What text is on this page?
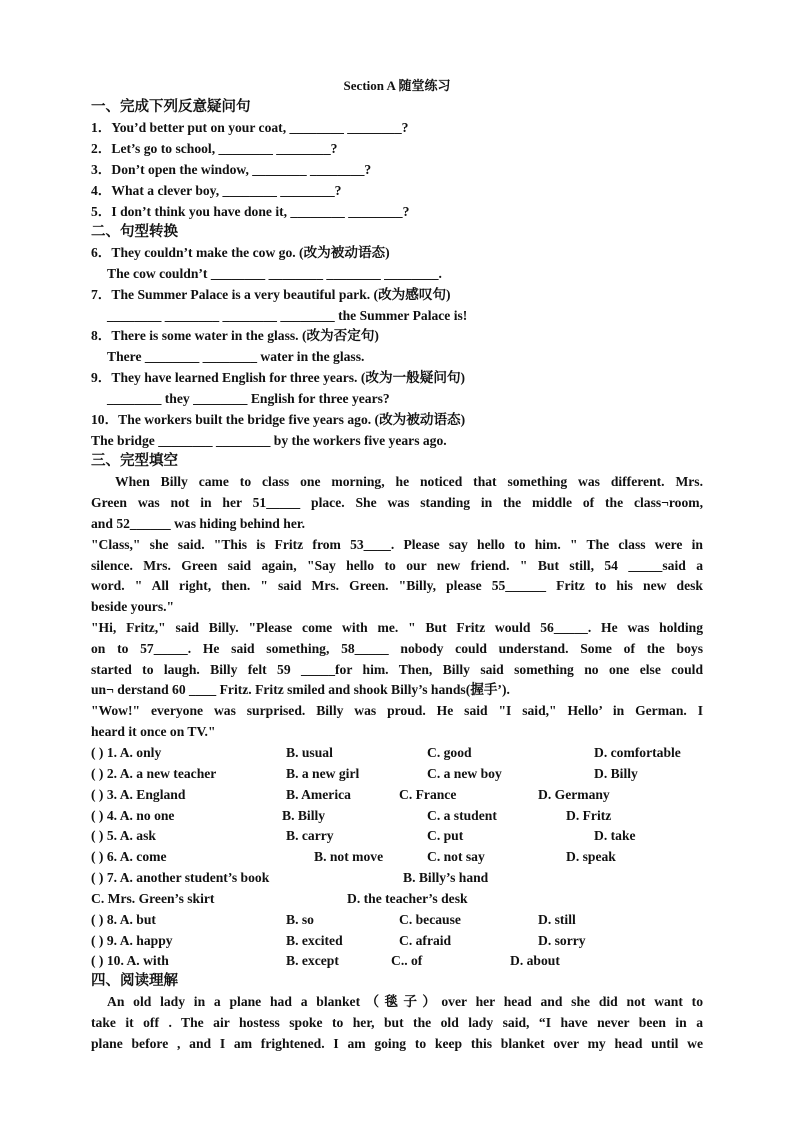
Section A 随堂练习
一、完成下列反意疑问句
1．You’d better put on your coat, ________ ________?
2．Let’s go to school, ________ ________?
3．Don’t open the window, ________ ________?
4．What a clever boy, ________ ________?
5．I don’t think you have done it, ________ ________?
二、句型转换
6．They couldn’t make the cow go. (改为被动语态)
The cow couldn’t ________ ________ ________ ________.
7．The Summer Palace is a very beautiful park. (改为感叹句)
________ ________ ________ ________ the Summer Palace is!
8．There is some water in the glass. (改为否定句)
There ________ ________ water in the glass.
9．They have learned English for three years. (改为一般疑问句)
________ they ________ English for three years?
10．The workers built the bridge five years ago. (改为被动语态)
The bridge ________ ________ by the workers five years ago.
三、完型填空
When Billy came to class one morning, he noticed that something was different. Mrs.
Green was not in her 51_____ place. She was standing in the middle of the class¬room,
and 52______ was hiding behind her.
"Class," she said. "This is Fritz from 53____. Please say hello to him. " The class were in
silence. Mrs. Green said again, "Say hello to our new friend. " But still, 54 _____said a
word. " All right, then. " said Mrs. Green. "Billy, please 55______ Fritz to his new desk
beside yours."
"Hi, Fritz," said Billy. "Please come with me. " But Fritz would 56_____. He was holding
on to 57_____. He said something, 58_____ nobody could understand. Some of the boys
started to laugh. Billy felt 59 _____for him. Then, Billy said something no one else could
un¬ derstand 60 ____ Fritz. Fritz smiled and shook Billy’s hands(握手’).
"Wow!" everyone was surprised. Billy was proud. He said "I said," Hello’ in German. I
heard it once on TV."
( ) 1. A. only	B. usual	C. good	D. comfortable
( ) 2. A. a new teacher	B. a new girl	C. a new boy	D. Billy
( ) 3. A. England	B. America	C. France	D. Germany
( ) 4. A. no one	B. Billy	C. a student	D. Fritz
( ) 5. A. ask	B. carry	C. put	D. take
( ) 6. A. come	B. not move	C. not say	D. speak
( ) 7. A. another student’s book	B. Billy’s hand
C. Mrs. Green’s skirt	D. the teacher’s desk
( ) 8. A. but	B. so	C. because	D. still
( ) 9. A. happy	B. excited	C. afraid	D. sorry
( ) 10. A. with	B. except	C.. of	D. about
四、阅读理解
An old lady in a plane had a blanket（毯子）over her head and she did not want to
take it off . The air hostess spoke to her, but the old lady said, “I have never been in a
plane before , and I am frightened. I am going to keep this blanket over my head until we
